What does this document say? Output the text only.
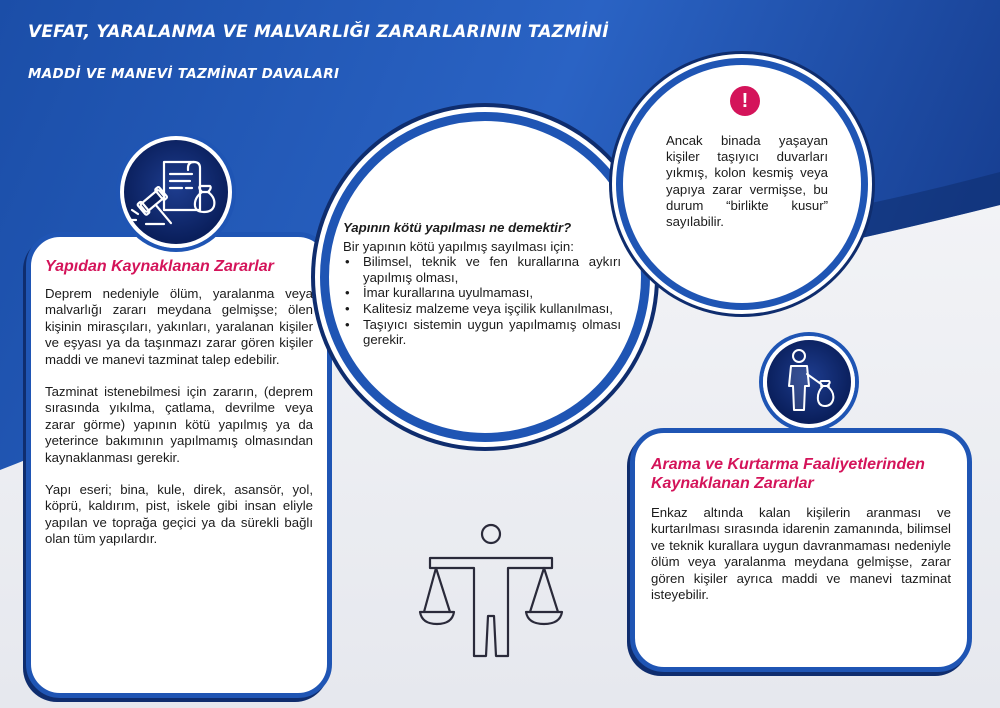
VEFAT, YARALANMA VE MALVARLIĞI ZARARLARININ TAZMİNİ
MADDİ VE MANEVİ TAZMİNAT DAVALARI
Yapıdan Kaynaklanan Zararlar

Deprem nedeniyle ölüm, yaralanma veya malvarlığı zararı meydana gelmişse; ölen kişinin mirasçıları, yakınları, yaralanan kişiler ve eşyası ya da taşınmazı zarar gören kişiler maddi ve manevi tazminat talep edebilir.

Tazminat istenebilmesi için zararın, (deprem sırasında yıkılma, çatlama, devrilme veya zarar görme) yapının kötü yapılmış ya da yeterince bakımının yapılmamış olmasından kaynaklanması gerekir.

Yapı eseri; bina, kule, direk, asansör, yol, köprü, kaldırım, pist, iskele gibi insan eliyle yapılan ve toprağa geçici ya da sürekli bağlı olan tüm yapılardır.

Yapının kötü yapılması ne demektir?
Bir yapının kötü yapılmış sayılması için:
• Bilimsel, teknik ve fen kurallarına aykırı yapılmış olması,
• İmar kurallarına uyulmaması,
• Kalitesiz malzeme veya işçilik kullanılması,
• Taşıyıcı sistemin uygun yapılmamış olması gerekir.
!
Ancak binada yaşayan kişiler taşıyıcı duvarları yıkmış, kolon kesmiş veya yapıya zarar vermişse, bu durum “birlikte kusur” sayılabilir.
Arama ve Kurtarma Faaliyetlerinden Kaynaklanan Zararlar
Enkaz altında kalan kişilerin aranması ve kurtarılması sırasında idarenin zamanında, bilimsel ve teknik kurallara uygun davranmaması nedeniyle ölüm veya yaralanma meydana gelmişse, zarar gören kişiler ayrıca maddi ve manevi tazminat isteyebilir.
